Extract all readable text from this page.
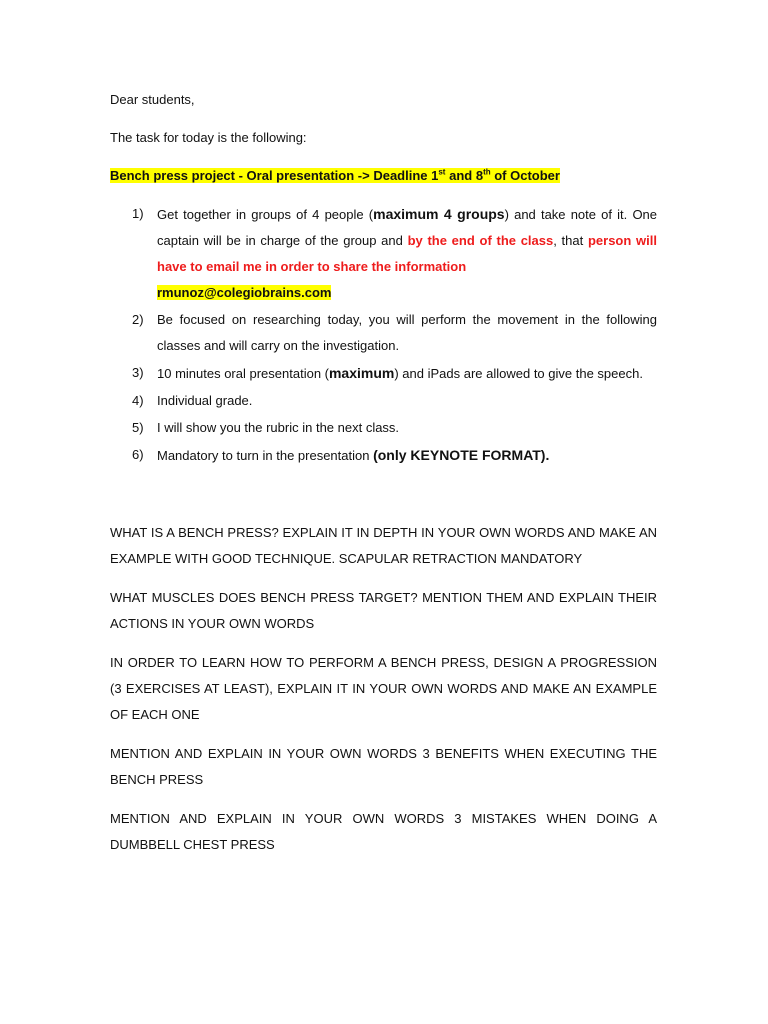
Dear students,

The task for today is the following:

Bench press project - Oral presentation -> Deadline 1st and 8th of October

1) Get together in groups of 4 people (maximum 4 groups) and take note of it. One captain will be in charge of the group and by the end of the class, that person will have to email me in order to share the information
rmunoz@colegiobrains.com
2) Be focused on researching today, you will perform the movement in the following classes and will carry on the investigation.
3) 10 minutes oral presentation (maximum) and iPads are allowed to give the speech.
4) Individual grade.
5) I will show you the rubric in the next class.
6) Mandatory to turn in the presentation (only KEYNOTE FORMAT).

WHAT IS A BENCH PRESS? EXPLAIN IT IN DEPTH IN YOUR OWN WORDS AND MAKE AN EXAMPLE WITH GOOD TECHNIQUE. SCAPULAR RETRACTION MANDATORY

WHAT MUSCLES DOES BENCH PRESS TARGET? MENTION THEM AND EXPLAIN THEIR ACTIONS IN YOUR OWN WORDS

IN ORDER TO LEARN HOW TO PERFORM A BENCH PRESS, DESIGN A PROGRESSION (3 EXERCISES AT LEAST), EXPLAIN IT IN YOUR OWN WORDS AND MAKE AN EXAMPLE OF EACH ONE

MENTION AND EXPLAIN IN YOUR OWN WORDS 3 BENEFITS WHEN EXECUTING THE BENCH PRESS

MENTION AND EXPLAIN IN YOUR OWN WORDS 3 MISTAKES WHEN DOING A DUMBBELL CHEST PRESS
